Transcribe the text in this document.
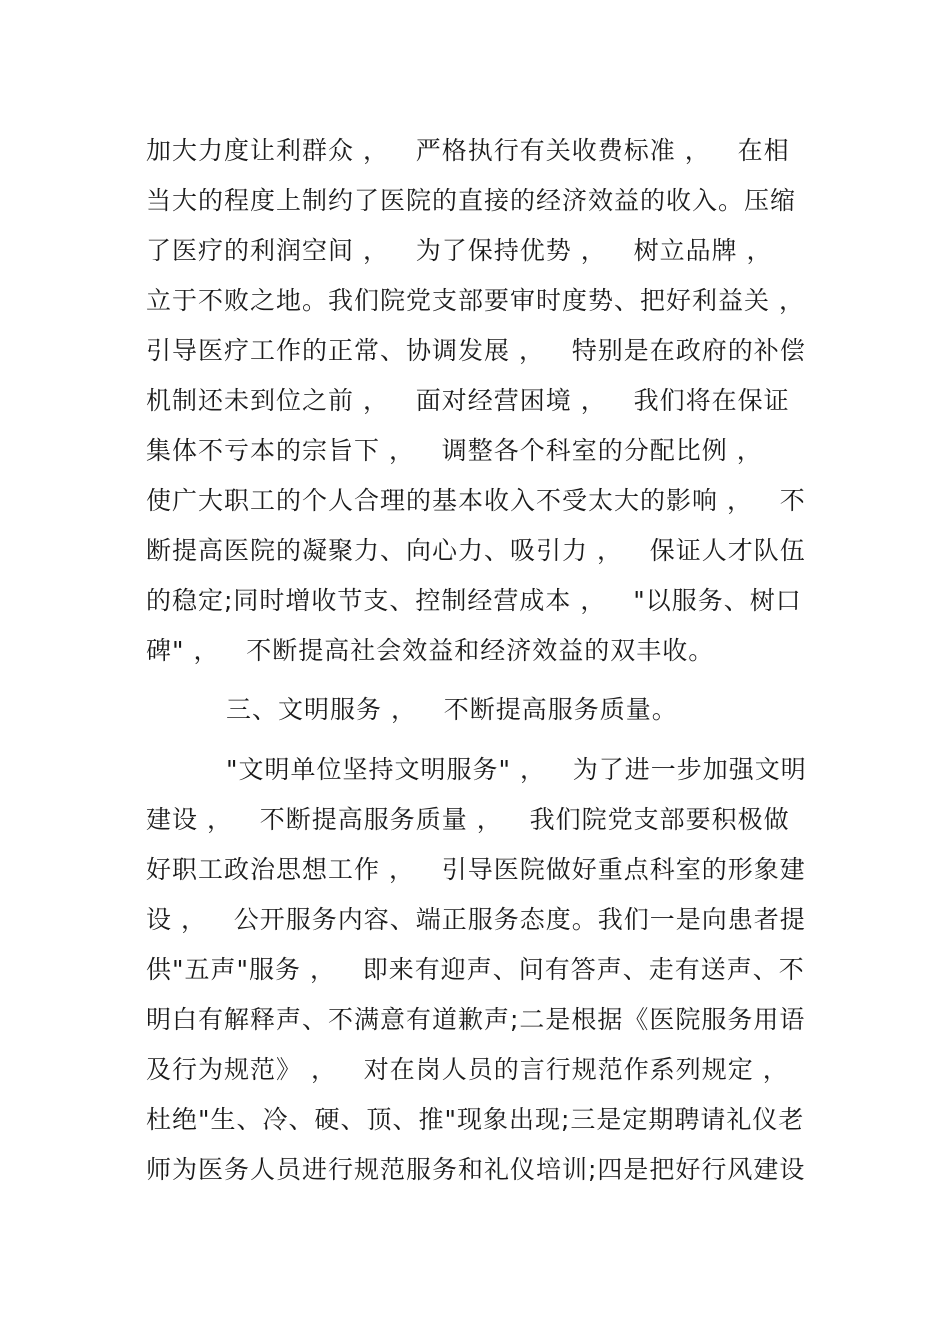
加大力度让利群众 ，   严格执行有关收费标准 ，   在相
当大的程度上制约了医院的直接的经济效益的收入。压缩
了医疗的利润空间 ，   为了保持优势 ，   树立品牌 ，
立于不败之地。我们院党支部要审时度势、把好利益关 ，
引导医疗工作的正常、协调发展 ，   特别是在政府的补偿
机制还未到位之前 ，   面对经营困境 ，   我们将在保证
集体不亏本的宗旨下 ，   调整各个科室的分配比例 ，
使广大职工的个人合理的基本收入不受太大的影响 ，   不
断提高医院的凝聚力、向心力、吸引力 ，   保证人才队伍
的稳定;同时增收节支、控制经营成本 ，   "以服务、树口
碑" ，   不断提高社会效益和经济效益的双丰收。
三、文明服务 ，   不断提高服务质量。
"文明单位坚持文明服务" ，   为了进一步加强文明
建设 ，   不断提高服务质量 ，   我们院党支部要积极做
好职工政治思想工作 ，   引导医院做好重点科室的形象建
设 ，   公开服务内容、端正服务态度。我们一是向患者提
供"五声"服务 ，   即来有迎声、问有答声、走有送声、不
明白有解释声、不满意有道歉声;二是根据《医院服务用语
及行为规范》 ，   对在岗人员的言行规范作系列规定 ，
杜绝"生、冷、硬、顶、推"现象出现;三是定期聘请礼仪老
师为医务人员进行规范服务和礼仪培训;四是把好行风建设
